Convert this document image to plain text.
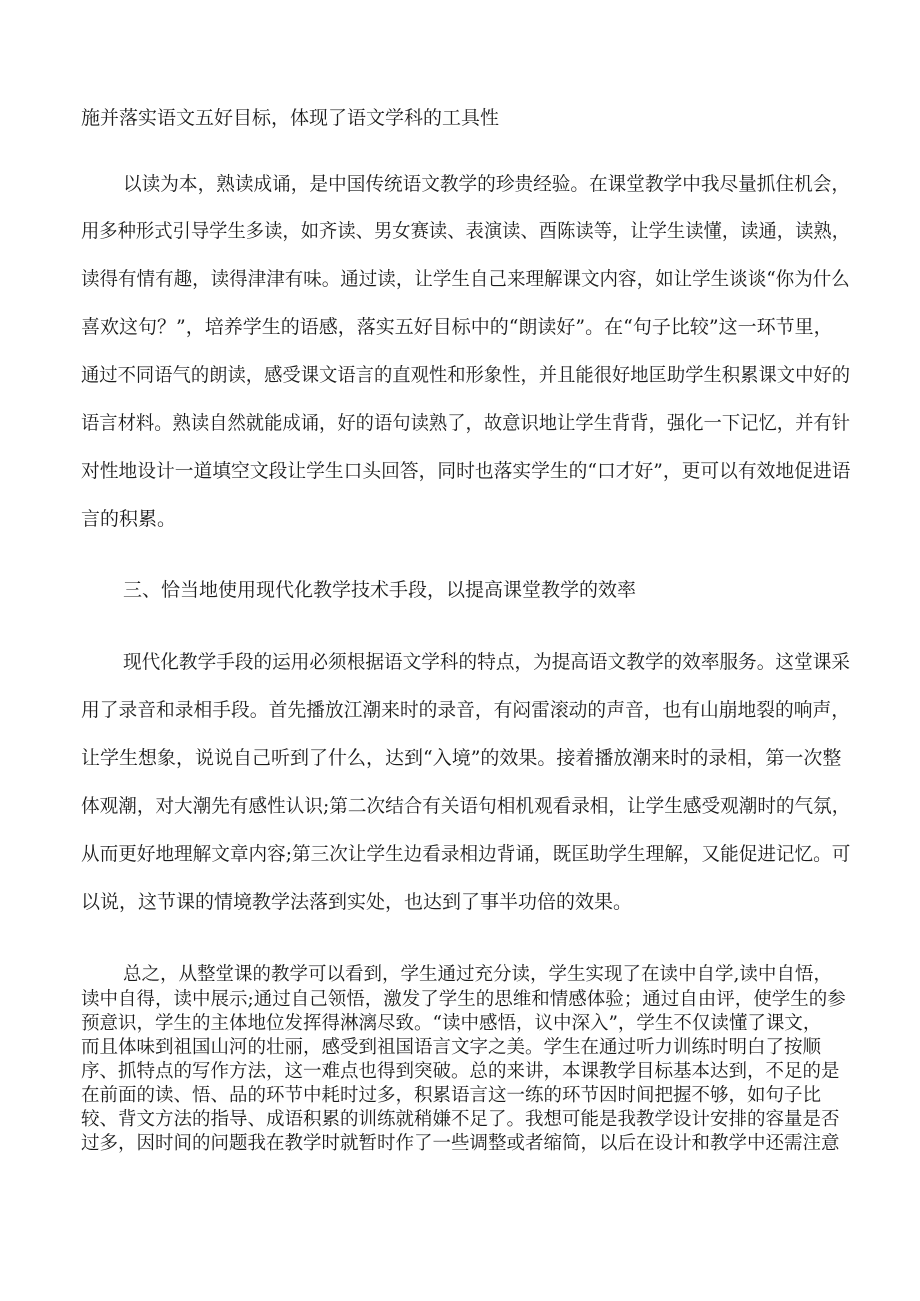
施并落实语文五好目标，体现了语文学科的工具性
以读为本，熟读成诵，是中国传统语文教学的珍贵经验。在课堂教学中我尽量抓住机会，
用多种形式引导学生多读，如齐读、男女赛读、表演读、酉陈读等，让学生读懂，读通，读熟，
读得有情有趣，读得津津有味。通过读，让学生自己来理解课文内容，如让学生谈谈“你为什么
喜欢这句？”，培养学生的语感，落实五好目标中的“朗读好”。在“句子比较”这一环节里，
通过不同语气的朗读，感受课文语言的直观性和形象性，并且能很好地匡助学生积累课文中好的
语言材料。熟读自然就能成诵，好的语句读熟了，故意识地让学生背背，强化一下记忆，并有针
对性地设计一道填空文段让学生口头回答，同时也落实学生的“口才好”，更可以有效地促进语
言的积累。
三、恰当地使用现代化教学技术手段，以提高课堂教学的效率
现代化教学手段的运用必须根据语文学科的特点，为提高语文教学的效率服务。这堂课采
用了录音和录相手段。首先播放江潮来时的录音，有闷雷滚动的声音，也有山崩地裂的响声，
让学生想象，说说自己听到了什么，达到“入境”的效果。接着播放潮来时的录相，第一次整
体观潮，对大潮先有感性认识;第二次结合有关语句相机观看录相，让学生感受观潮时的气氛，
从而更好地理解文章内容;第三次让学生边看录相边背诵，既匡助学生理解，又能促进记忆。可
以说，这节课的情境教学法落到实处，也达到了事半功倍的效果。
总之，从整堂课的教学可以看到，学生通过充分读，学生实现了在读中自学,读中自悟，
读中自得，读中展示;通过自己领悟，激发了学生的思维和情感体验；通过自由评，使学生的参
预意识，学生的主体地位发挥得淋漓尽致。“读中感悟，议中深入”，学生不仅读懂了课文，
而且体味到祖国山河的壮丽，感受到祖国语言文字之美。学生在通过听力训练时明白了按顺
序、抓特点的写作方法，这一难点也得到突破。总的来讲，本课教学目标基本达到，不足的是
在前面的读、悟、品的环节中耗时过多，积累语言这一练的环节因时间把握不够，如句子比
较、背文方法的指导、成语积累的训练就稍嫌不足了。我想可能是我教学设计安排的容量是否
过多，因时间的问题我在教学时就暂时作了一些调整或者缩简，以后在设计和教学中还需注意
